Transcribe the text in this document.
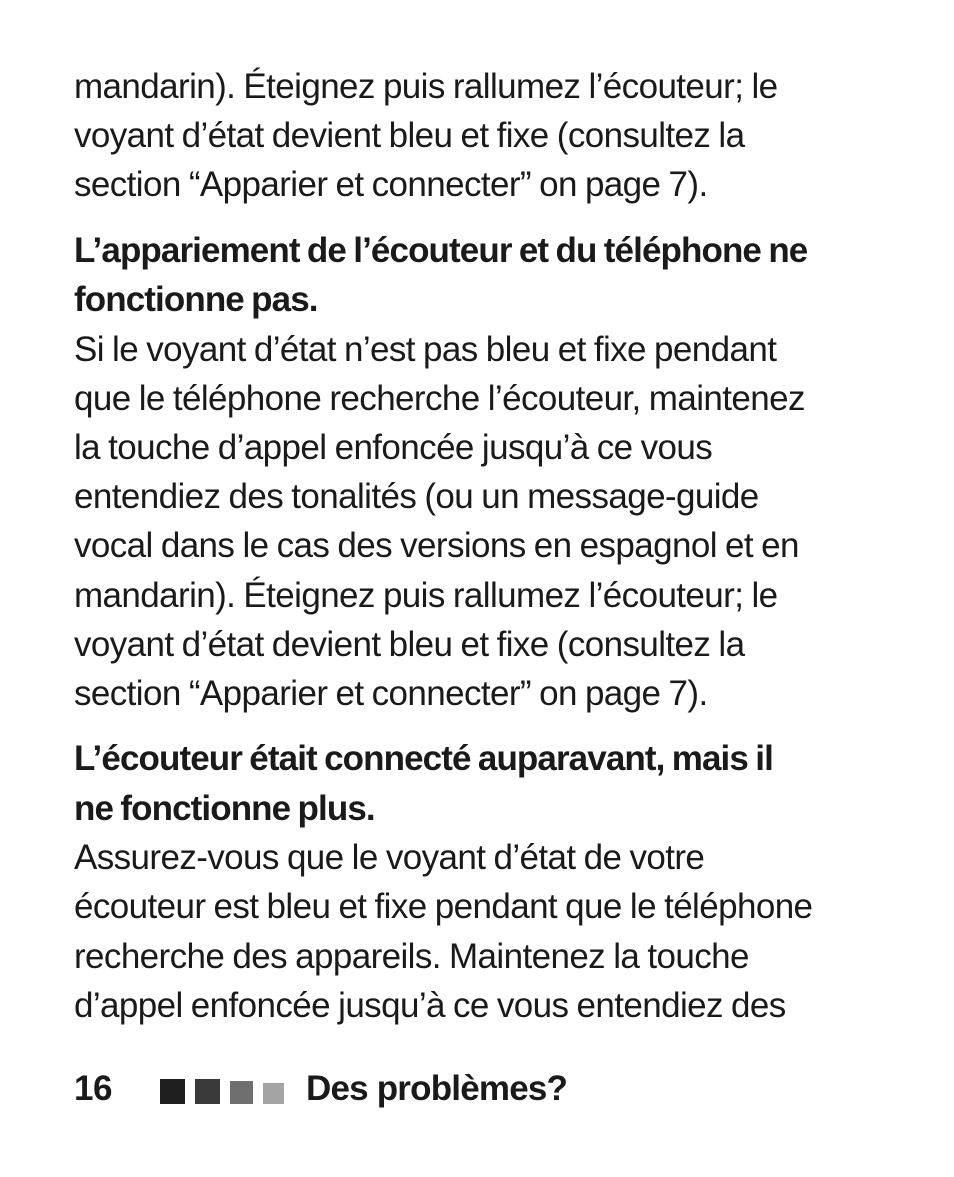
mandarin). Éteignez puis rallumez l’écouteur; le
voyant d’état devient bleu et fixe (consultez la
section “Apparier et connecter” on page 7).

L’appariement de l’écouteur et du téléphone ne
fonctionne pas.

Si le voyant d’état n’est pas bleu et fixe pendant
que le téléphone recherche l’écouteur, maintenez
la touche d’appel enfoncée jusqu’à ce vous
entendiez des tonalités (ou un message-guide
vocal dans le cas des versions en espagnol et en
mandarin). Éteignez puis rallumez l’écouteur; le
voyant d’état devient bleu et fixe (consultez la
section “Apparier et connecter” on page 7).

L’écouteur était connecté auparavant, mais il
ne fonctionne plus.

Assurez-vous que le voyant d’état de votre
écouteur est bleu et fixe pendant que le téléphone
recherche des appareils. Maintenez la touche
d’appel enfoncée jusqu’à ce vous entendiez des

16	Des problèmes?
